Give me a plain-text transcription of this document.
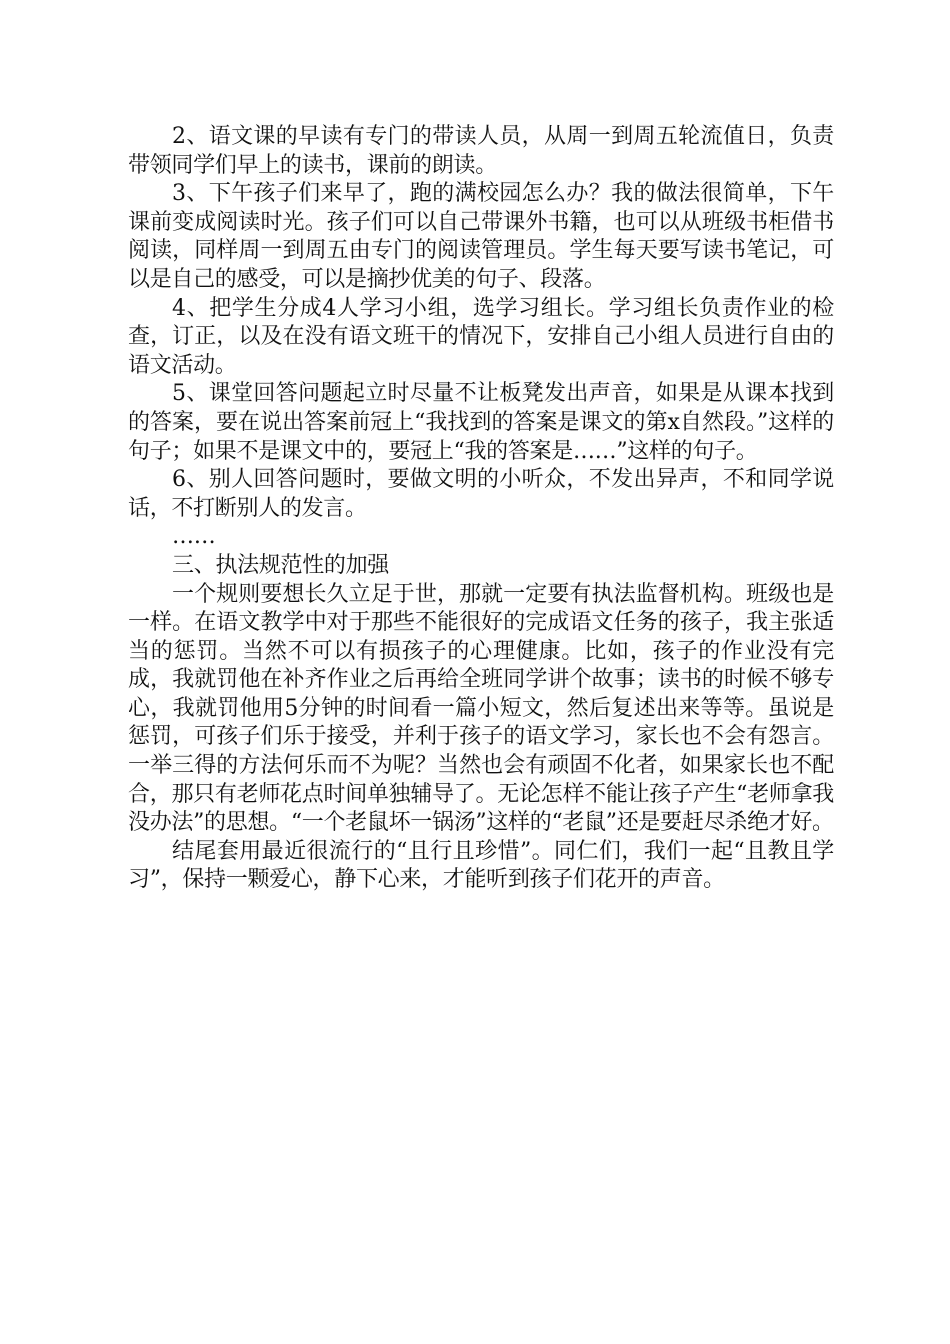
2、语文课的早读有专门的带读人员，从周一到周五轮流值日，负责带领同学们早上的读书，课前的朗读。

3、下午孩子们来早了，跑的满校园怎么办？我的做法很简单，下午课前变成阅读时光。孩子们可以自己带课外书籍，也可以从班级书柜借书阅读，同样周一到周五由专门的阅读管理员。学生每天要写读书笔记，可以是自己的感受，可以是摘抄优美的句子、段落。

4、把学生分成4人学习小组，选学习组长。学习组长负责作业的检查，订正，以及在没有语文班干的情况下，安排自己小组人员进行自由的语文活动。

5、课堂回答问题起立时尽量不让板凳发出声音，如果是从课本找到的答案，要在说出答案前冠上“我找到的答案是课文的第x自然段。”这样的句子；如果不是课文中的，要冠上“我的答案是……”这样的句子。

6、别人回答问题时，要做文明的小听众，不发出异声，不和同学说话，不打断别人的发言。

……

三、执法规范性的加强

一个规则要想长久立足于世，那就一定要有执法监督机构。班级也是一样。在语文教学中对于那些不能很好的完成语文任务的孩子，我主张适当的惩罚。当然不可以有损孩子的心理健康。比如，孩子的作业没有完成，我就罚他在补齐作业之后再给全班同学讲个故事；读书的时候不够专心，我就罚他用5分钟的时间看一篇小短文，然后复述出来等等。虽说是惩罚，可孩子们乐于接受，并利于孩子的语文学习，家长也不会有怨言。一举三得的方法何乐而不为呢？当然也会有顽固不化者，如果家长也不配合，那只有老师花点时间单独辅导了。无论怎样不能让孩子产生“老师拿我没办法”的思想。“一个老鼠坏一锅汤”这样的“老鼠”还是要赶尽杀绝才好。

结尾套用最近很流行的“且行且珍惜”。同仁们，我们一起“且教且学习”，保持一颗爱心，静下心来，才能听到孩子们花开的声音。
